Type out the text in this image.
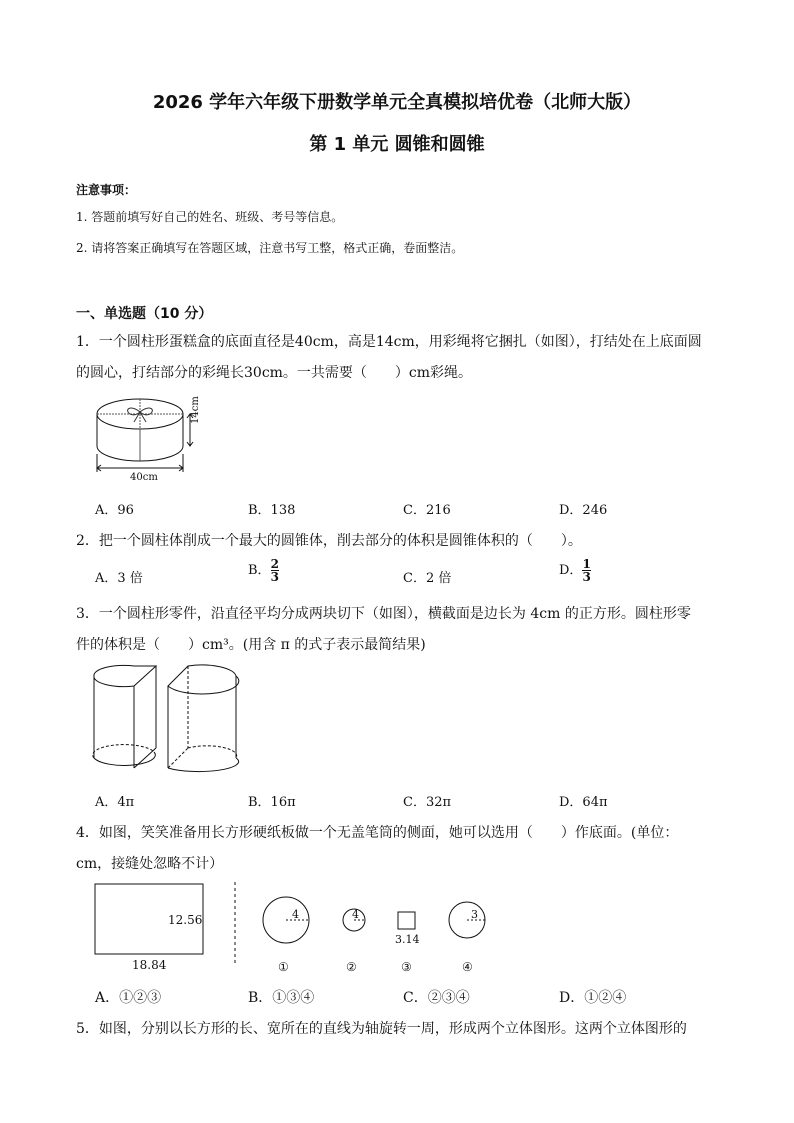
2026 学年六年级下册数学单元全真模拟培优卷（北师大版）
第 1 单元 圆锥和圆锥
注意事项：
1. 答题前填写好自己的姓名、班级、考号等信息。
2. 请将答案正确填写在答题区域，注意书写工整，格式正确，卷面整洁。
一、单选题（10 分）
1．一个圆柱形蛋糕盒的底面直径是40cm，高是14cm，用彩绳将它捆扎（如图），打结处在上底面圆
的圆心，打结部分的彩绳长30cm。一共需要（　　）cm彩绳。
14cm
40cm
A．96	B．138	C．216	D．246
2．把一个圆柱体削成一个最大的圆锥体，削去部分的体积是圆锥体积的（　　）。
A．3 倍
B． $\frac{2}{3}$	C．2 倍
D． $\frac{1}{3}$
3．一个圆柱形零件，沿直径平均分成两块切下（如图），横截面是边长为 4cm 的正方形。圆柱形零
件的体积是（　　）cm³。(用含 π 的式子表示最简结果)
A．4π	B．16π	C．32π	D．64π
4．如图，笑笑准备用长方形硬纸板做一个无盖笔筒的侧面，她可以选用（　　）作底面。(单位：
cm，接缝处忽略不计）
12.56
18.84
4	4
3.14
3
①	②	③	④
A．①②③	B．①③④	C．②③④	D．①②④
5．如图，分别以长方形的长、宽所在的直线为轴旋转一周，形成两个立体图形。这两个立体图形的
